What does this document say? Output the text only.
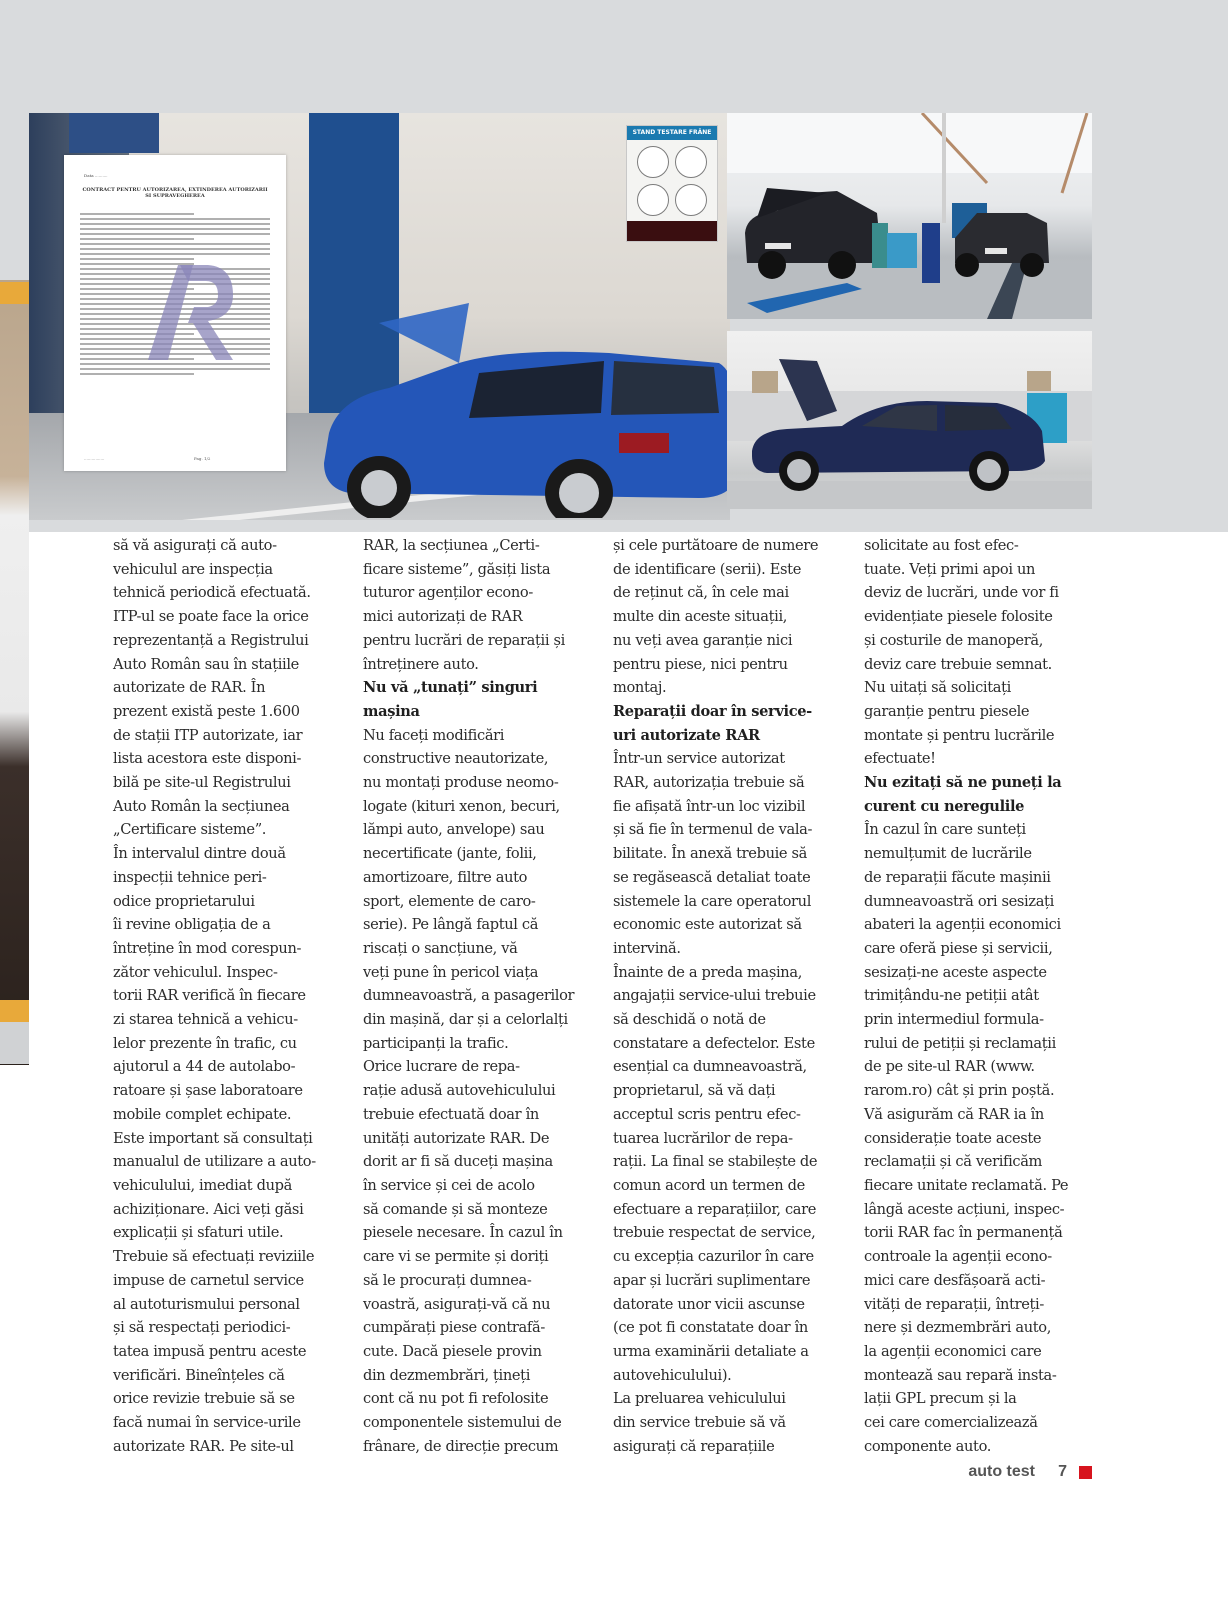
STAND TESTARE FRÂNE
Data ..........
CONTRACT PENTRU AUTORIZAREA, EXTINDEREA AUTORIZARII SI SUPRAVEGHEREA
................	Pag. 1/2

să vă asigurați că auto-
vehiculul are inspecția
tehnică periodică efectuată.
ITP-ul se poate face la orice
reprezentanță a Registrului
Auto Român sau în stațiile
autorizate de RAR. În
prezent există peste 1.600
de stații ITP autorizate, iar
lista acestora este disponi-
bilă pe site-ul Registrului
Auto Român la secțiunea
„Certificare sisteme”.
În intervalul dintre două
inspecții tehnice peri-
odice proprietarului
îi revine obligația de a
întreține în mod corespun-
zător vehiculul. Inspec-
torii RAR verifică în fiecare
zi starea tehnică a vehicu-
lelor prezente în trafic, cu
ajutorul a 44 de autolabo-
ratoare și șase laboratoare
mobile complet echipate.
Este important să consultați
manualul de utilizare a auto-
vehiculului, imediat după
achiziționare. Aici veți găsi
explicații și sfaturi utile.
Trebuie să efectuați reviziile
impuse de carnetul service
al autoturismului personal
și să respectați periodici-
tatea impusă pentru aceste
verificări. Bineînțeles că
orice revizie trebuie să se
facă numai în service-urile
autorizate RAR. Pe site-ul

RAR, la secțiunea „Certi-
ficare sisteme”, găsiți lista
tuturor agenților econo-
mici autorizați de RAR
pentru lucrări de reparații și
întreținere auto.

Nu vă „tunați” singuri
mașina

Nu faceți modificări
constructive neautorizate,
nu montați produse neomo-
logate (kituri xenon, becuri,
lămpi auto, anvelope) sau
necertificate (jante, folii,
amortizoare, filtre auto
sport, elemente de caro-
serie). Pe lângă faptul că
riscați o sancțiune, vă
veți pune în pericol viața
dumneavoastră, a pasagerilor
din mașină, dar și a celorlalți
participanți la trafic.
Orice lucrare de repa-
rație adusă autovehiculului
trebuie efectuată doar în
unități autorizate RAR. De
dorit ar fi să duceți mașina
în service și cei de acolo
să comande și să monteze
piesele necesare. În cazul în
care vi se permite și doriți
să le procurați dumnea-
voastră, asigurați-vă că nu
cumpărați piese contrafă-
cute. Dacă piesele provin
din dezmembrări, țineți
cont că nu pot fi refolosite
componentele sistemului de
frânare, de direcție precum

și cele purtătoare de numere
de identificare (serii). Este
de reținut că, în cele mai
multe din aceste situații,
nu veți avea garanție nici
pentru piese, nici pentru
montaj.

Reparații doar în service-
uri autorizate RAR

Într-un service autorizat
RAR, autorizația trebuie să
fie afișată într-un loc vizibil
și să fie în termenul de vala-
bilitate. În anexă trebuie să
se regăsească detaliat toate
sistemele la care operatorul
economic este autorizat să
intervină.
Înainte de a preda mașina,
angajații service-ului trebuie
să deschidă o notă de
constatare a defectelor. Este
esențial ca dumneavoastră,
proprietarul, să vă dați
acceptul scris pentru efec-
tuarea lucrărilor de repa-
rații. La final se stabilește de
comun acord un termen de
efectuare a reparațiilor, care
trebuie respectat de service,
cu excepția cazurilor în care
apar și lucrări suplimentare
datorate unor vicii ascunse
(ce pot fi constatate doar în
urma examinării detaliate a
autovehiculului).
La preluarea vehiculului
din service trebuie să vă
asigurați că reparațiile

solicitate au fost efec-
tuate. Veți primi apoi un
deviz de lucrări, unde vor fi
evidențiate piesele folosite
și costurile de manoperă,
deviz care trebuie semnat.
Nu uitați să solicitați
garanție pentru piesele
montate și pentru lucrările
efectuate!

Nu ezitați să ne puneți la
curent cu neregulile

În cazul în care sunteți
nemulțumit de lucrările
de reparații făcute mașinii
dumneavoastră ori sesizați
abateri la agenții economici
care oferă piese și servicii,
sesizați-ne aceste aspecte
trimițându-ne petiții atât
prin intermediul formula-
rului de petiții și reclamații
de pe site-ul RAR (www.
rarom.ro) cât și prin poștă.
Vă asigurăm că RAR ia în
considerație toate aceste
reclamații și că verificăm
fiecare unitate reclamată. Pe
lângă aceste acțiuni, inspec-
torii RAR fac în permanență
controale la agenții econo-
mici care desfășoară acti-
vități de reparații, întreți-
nere și dezmembrări auto,
la agenții economici care
montează sau repară insta-
lații GPL precum și la
cei care comercializează
componente auto.

auto test 7
